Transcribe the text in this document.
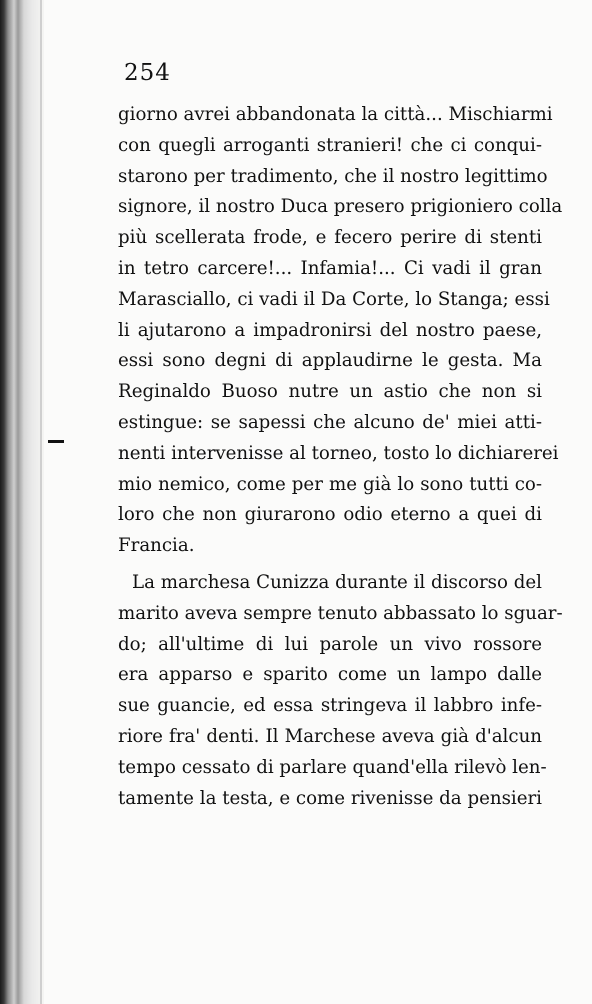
254
giorno avrei abbandonata la città... Mischiarmi
con quegli arroganti stranieri! che ci conqui-
starono per tradimento, che il nostro legittimo
signore, il nostro Duca presero prigioniero colla
più scellerata frode, e fecero perire di stenti
in tetro carcere!... Infamia!... Ci vadi il gran
Marasciallo, ci vadi il Da Corte, lo Stanga; essi
li ajutarono a impadronirsi del nostro paese,
essi sono degni di applaudirne le gesta. Ma
Reginaldo Buoso nutre un astio che non si
estingue: se sapessi che alcuno de' miei atti-
nenti intervenisse al torneo, tosto lo dichiarerei
mio nemico, come per me già lo sono tutti co-
loro che non giurarono odio eterno a quei di
Francia.
La marchesa Cunizza durante il discorso del
marito aveva sempre tenuto abbassato lo sguar-
do; all'ultime di lui parole un vivo rossore
era apparso e sparito come un lampo dalle
sue guancie, ed essa stringeva il labbro infe-
riore fra' denti. Il Marchese aveva già d'alcun
tempo cessato di parlare quand'ella rilevò len-
tamente la testa, e come rivenisse da pensieri
